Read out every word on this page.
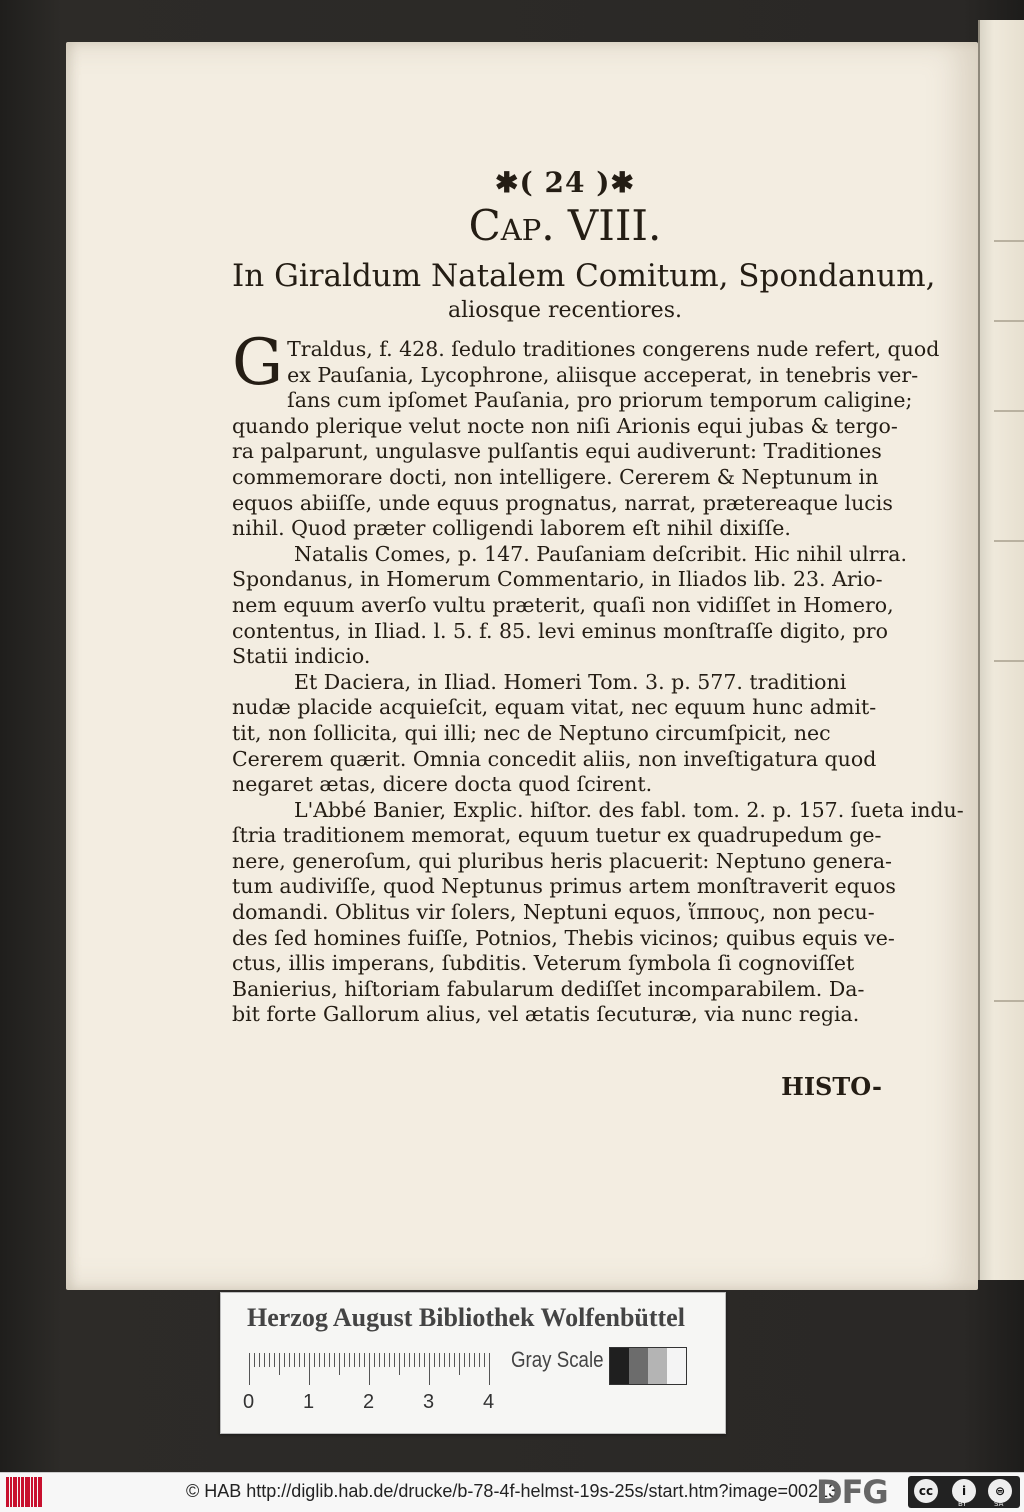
✱( 24 )✱
Cap. VIII.
In Giraldum Natalem Comitum, Spondanum,
aliosque recentiores.
G Traldus, f. 428. ſedulo traditiones congerens nude refert, quod
ex Pauſania, Lycophrone, aliisque acceperat, in tenebris ver-
ſans cum ipſomet Pauſania, pro priorum temporum caligine;
quando plerique velut nocte non niſi Arionis equi jubas & tergo-
ra palparunt, ungulasve pulſantis equi audiverunt: Traditiones
commemorare docti, non intelligere. Cererem & Neptunum in
equos abiiſſe, unde equus prognatus, narrat, prætereaque lucis
nihil. Quod præter colligendi laborem eſt nihil dixiſſe.
Natalis Comes, p. 147. Pauſaniam deſcribit. Hic nihil ulrra.
Spondanus, in Homerum Commentario, in Iliados lib. 23. Ario-
nem equum averſo vultu præterit, quaſi non vidiſſet in Homero,
contentus, in Iliad. l. 5. f. 85. levi eminus monſtraſſe digito, pro
Statii indicio.
Et Daciera, in Iliad. Homeri Tom. 3. p. 577. traditioni
nudæ placide acquieſcit, equam vitat, nec equum hunc admit-
tit, non ſollicita, qui illi; nec de Neptuno circumſpicit, nec
Cererem quærit. Omnia concedit aliis, non inveſtigatura quod
negaret ætas, dicere docta quod ſcirent.
L'Abbé Banier, Explic. hiſtor. des fabl. tom. 2. p. 157. ſueta indu-
ſtria traditionem memorat, equum tuetur ex quadrupedum ge-
nere, generoſum, qui pluribus heris placuerit: Neptuno genera-
tum audiviſſe, quod Neptunus primus artem monſtraverit equos
domandi. Oblitus vir ſolers, Neptuni equos, ἵππους, non pecu-
des ſed homines fuiſſe, Potnios, Thebis vicinos; quibus equis ve-
ctus, illis imperans, ſubditis. Veterum ſymbola ſi cognoviſſet
Banierius, hiſtoriam fabularum dediſſet incomparabilem. Da-
bit forte Gallorum alius, vel ætatis ſecuturæ, via nunc regia.
HISTO-
Herzog August Bibliothek Wolfenbüttel
0 1 2 3 4
Gray Scale
© HAB http://diglib.hab.de/drucke/b-78-4f-helmst-19s-25s/start.htm?image=00213
DFG	cc	i	⊜
BY	SA
